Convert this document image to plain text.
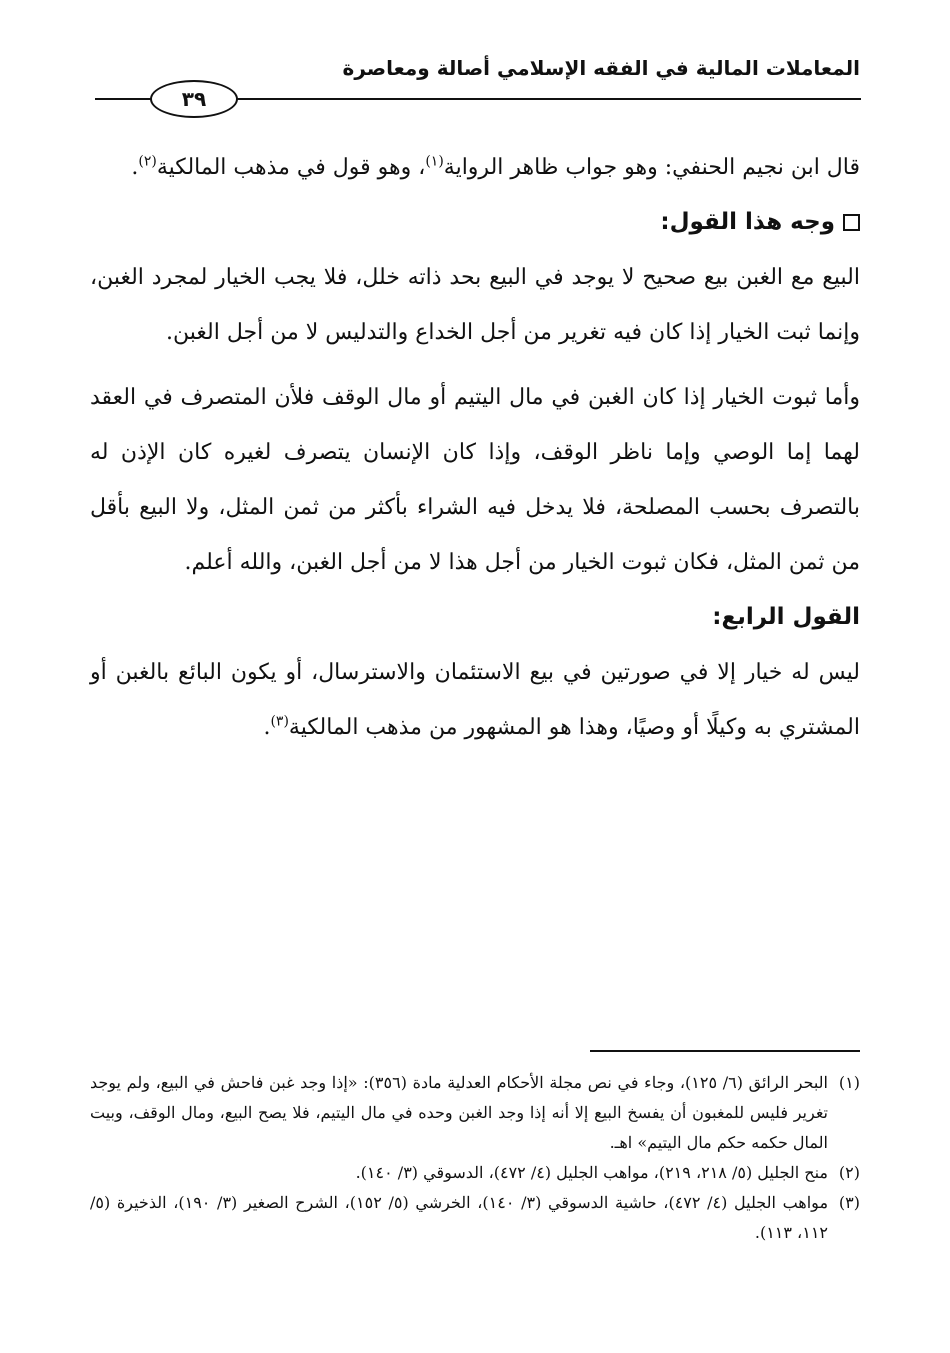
المعاملات المالية في الفقه الإسلامي أصالة ومعاصرة
٣٩

قال ابن نجيم الحنفي: وهو جواب ظاهر الرواية$^{(١)}$، وهو قول في مذهب المالكية$^{(٢)}$.

وجه هذا القول:

البيع مع الغبن بيع صحيح لا يوجد في البيع بحد ذاته خلل، فلا يجب الخيار لمجرد الغبن، وإنما ثبت الخيار إذا كان فيه تغرير من أجل الخداع والتدليس لا من أجل الغبن.

وأما ثبوت الخيار إذا كان الغبن في مال اليتيم أو مال الوقف فلأن المتصرف في العقد لهما إما الوصي وإما ناظر الوقف، وإذا كان الإنسان يتصرف لغيره كان الإذن له بالتصرف بحسب المصلحة، فلا يدخل فيه الشراء بأكثر من ثمن المثل، ولا البيع بأقل من ثمن المثل، فكان ثبوت الخيار من أجل هذا لا من أجل الغبن، والله أعلم.

القول الرابع:

ليس له خيار إلا في صورتين في بيع الاستئمان والاسترسال، أو يكون البائع بالغبن أو المشتري به وكيلًا أو وصيًا، وهذا هو المشهور من مذهب المالكية$^{(٣)}$.

(١)
البحر الرائق (٦/ ١٢٥)، وجاء في نص مجلة الأحكام العدلية مادة (٣٥٦): «إذا وجد غبن فاحش في البيع، ولم يوجد تغرير فليس للمغبون أن يفسخ البيع إلا أنه إذا وجد الغبن وحده في مال اليتيم، فلا يصح البيع، ومال الوقف، وبيت المال حكمه حكم مال اليتيم» اهـ.
(٢)
منح الجليل (٥/ ٢١٨، ٢١٩)، مواهب الجليل (٤/ ٤٧٢)، الدسوقي (٣/ ١٤٠).
(٣)
مواهب الجليل (٤/ ٤٧٢)، حاشية الدسوقي (٣/ ١٤٠)، الخرشي (٥/ ١٥٢)، الشرح الصغير (٣/ ١٩٠)، الذخيرة (٥/ ١١٢، ١١٣).
